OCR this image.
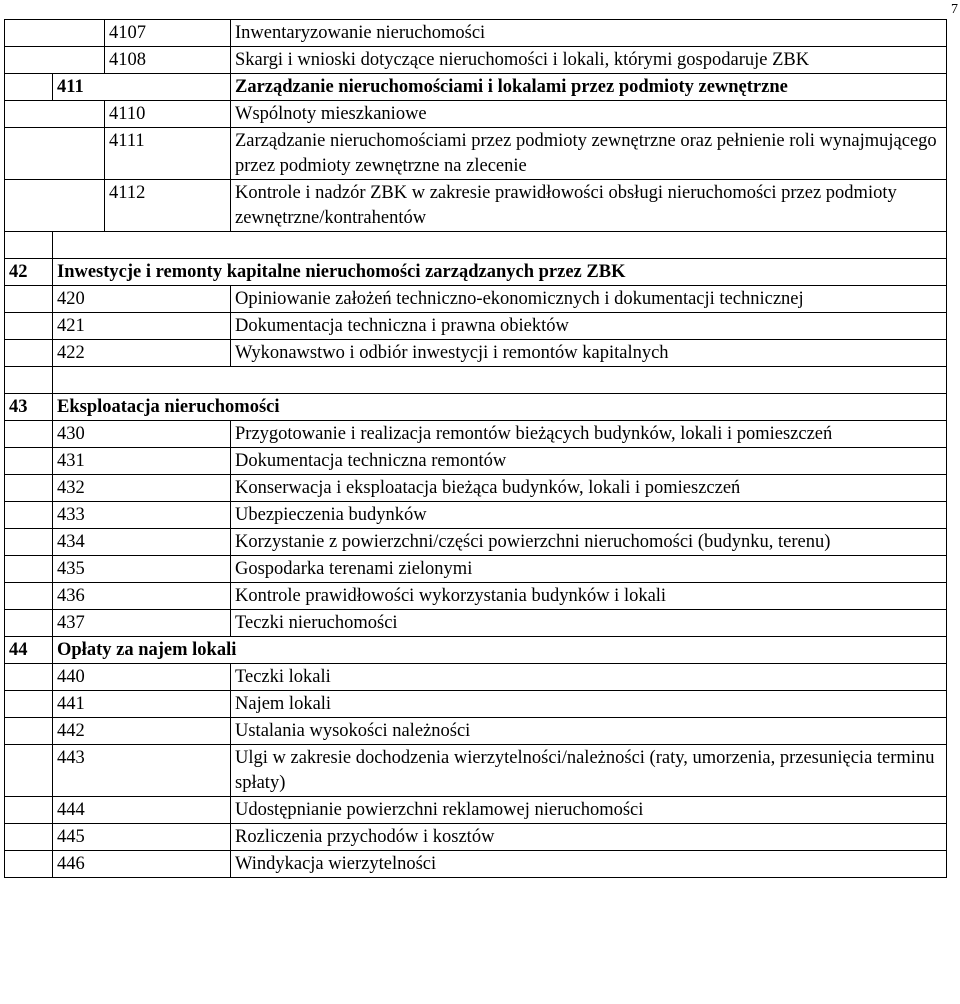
7
		4107	Inwentaryzowanie nieruchomości
		4108	Skargi i wnioski dotyczące nieruchomości i lokali, którymi gospodaruje ZBK
	411		Zarządzanie nieruchomościami i lokalami przez podmioty zewnętrzne
		4110	Wspólnoty mieszkaniowe
		4111	Zarządzanie nieruchomościami przez podmioty zewnętrzne oraz pełnienie roli wynajmującego przez podmioty zewnętrzne na zlecenie
		4112	Kontrole i nadzór ZBK w zakresie prawidłowości obsługi nieruchomości przez podmioty zewnętrzne/kontrahentów

42	Inwestycje i remonty kapitalne nieruchomości zarządzanych przez ZBK		
	420		Opiniowanie założeń techniczno-ekonomicznych i dokumentacji technicznej
	421		Dokumentacja techniczna i prawna obiektów
	422		Wykonawstwo i odbiór inwestycji i remontów kapitalnych

43	Eksploatacja nieruchomości		
	430		Przygotowanie i realizacja remontów bieżących budynków, lokali i pomieszczeń
	431		Dokumentacja techniczna remontów
	432		Konserwacja i eksploatacja bieżąca budynków, lokali i pomieszczeń
	433		Ubezpieczenia budynków
	434		Korzystanie z powierzchni/części powierzchni nieruchomości (budynku, terenu)
	435		Gospodarka terenami zielonymi
	436		Kontrole prawidłowości wykorzystania budynków i lokali
	437		Teczki nieruchomości
44	Opłaty za najem lokali		
	440		Teczki lokali
	441		Najem lokali
	442		Ustalania wysokości należności
	443		Ulgi w zakresie dochodzenia wierzytelności/należności (raty, umorzenia, przesunięcia terminu spłaty)
	444		Udostępnianie powierzchni reklamowej nieruchomości
	445		Rozliczenia przychodów i kosztów
	446		Windykacja wierzytelności
